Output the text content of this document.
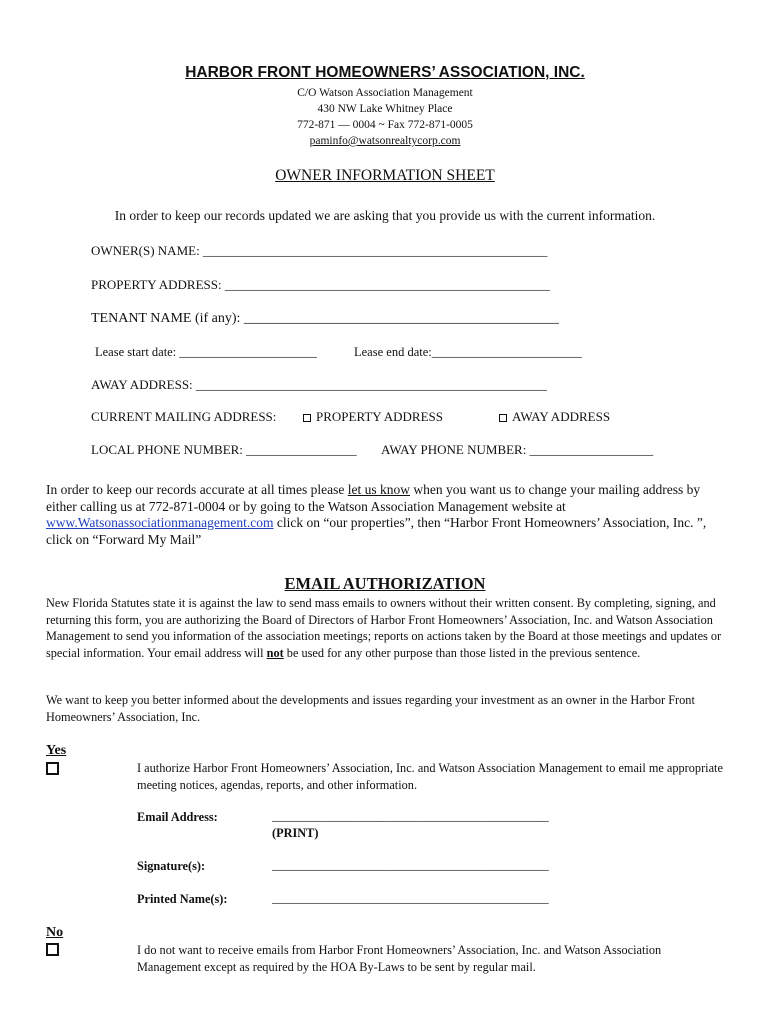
HARBOR FRONT HOMEOWNERS’ ASSOCIATION, INC.
C/O Watson Association Management
430 NW Lake Whitney Place
772-871 — 0004 ~ Fax 772-871-0005
paminfo@watsonrealtycorp.com
OWNER INFORMATION SHEET
In order to keep our records updated we are asking that you provide us with the current information.
OWNER(S) NAME: _____________________________________________________
PROPERTY ADDRESS: __________________________________________________
TENANT NAME (if any): _____________________________________________
Lease start date: ______________________	Lease end date:________________________
AWAY ADDRESS: ______________________________________________________
CURRENT MAILING ADDRESS:	PROPERTY ADDRESS	AWAY ADDRESS
LOCAL PHONE NUMBER: _________________ AWAY PHONE NUMBER: ___________________
In order to keep our records accurate at all times please let us know when you want us to change your mailing address by either calling us at 772-871-0004 or by going to the Watson Association Management website at www.Watsonassociationmanagement.com click on “our properties”, then “Harbor Front Homeowners’ Association, Inc. ”, click on “Forward My Mail”
EMAIL AUTHORIZATION
New Florida Statutes state it is against the law to send mass emails to owners without their written consent. By completing, signing, and returning this form, you are authorizing the Board of Directors of Harbor Front Homeowners’ Association, Inc. and Watson Association Management to send you information of the association meetings; reports on actions taken by the Board at those meetings and updates or special information. Your email address will not be used for any other purpose than those listed in the previous sentence.
We want to keep you better informed about the developments and issues regarding your investment as an owner in the Harbor Front Homeowners’ Association, Inc.
Yes
I authorize Harbor Front Homeowners’ Association, Inc. and Watson Association Management to email me appropriate meeting notices, agendas, reports, and other information.
Email Address:	_____________________________________________
(PRINT)
Signature(s):	_____________________________________________
Printed Name(s):	_____________________________________________
No
I do not want to receive emails from Harbor Front Homeowners’ Association, Inc. and Watson Association Management except as required by the HOA By-Laws to be sent by regular mail.
